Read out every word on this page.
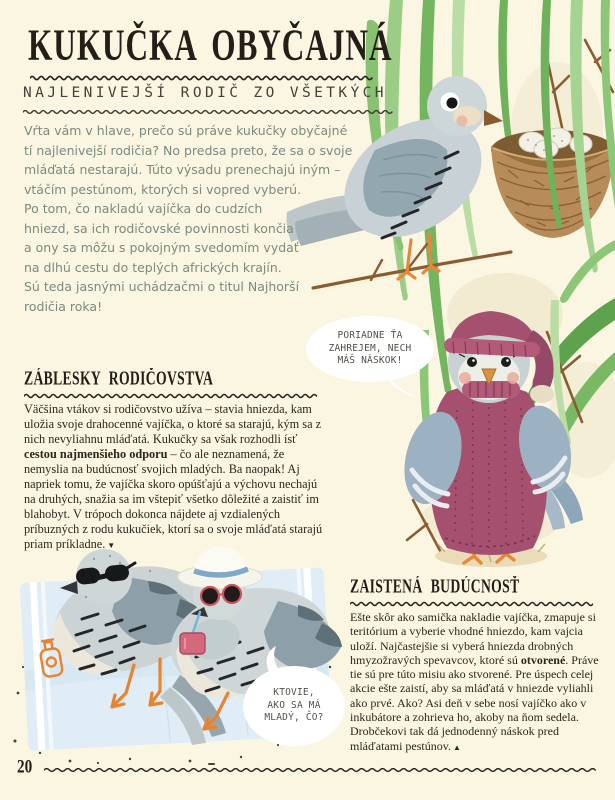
KUKUČKA OBYČAJNÁ
NAJLENIVEJŠÍ RODIČ ZO VŠETKÝCH
Vŕta vám v hlave, prečo sú práve kukučky obyčajné
tí najlenivejší rodičia? No predsa preto, že sa o svoje
mláďatá nestarajú. Túto výsadu prenechajú iným –
vtáčím pestúnom, ktorých si vopred vyberú.
Po tom, čo nakladú vajíčka do cudzích
hniezd, sa ich rodičovské povinnosti končia
a ony sa môžu s pokojným svedomím vydať
na dlhú cestu do teplých afrických krajín.
Sú teda jasnými uchádzačmi o titul Najhorší
rodičia roka!
ZÁBLESKY RODIČOVSTVA
Väčšina vtákov si rodičovstvo užíva – stavia hniezda, kam uložia svoje drahocenné vajíčka, o ktoré sa starajú, kým sa z nich nevyliahnu mláďatá. Kukučky sa však rozhodli ísť cestou najmenšieho odporu – čo ale neznamená, že nemyslia na budúcnosť svojich mladých. Ba naopak! Aj napriek tomu, že vajíčka skoro opúšťajú a výchovu nechajú na druhých, snažia sa im vštepiť všetko dôležité a zaistiť im blahobyt. V trópoch dokonca nájdete aj vzdialených príbuzných z rodu kukučiek, ktorí sa o svoje mláďatá starajú priam príkladne. ▼
ZAISTENÁ BUDÚCNOSŤ
Ešte skôr ako samička nakladie vajíčka, zmapuje si teritórium a vyberie vhodné hniezdo, kam vajcia uloží. Najčastejšie si vyberá hniezda drobných hmyzožravých spevavcov, ktoré sú otvorené. Práve tie sú pre túto misiu ako stvorené. Pre úspech celej akcie ešte zaistí, aby sa mláďatá v hniezde vyliahli ako prvé. Ako? Asi deň v sebe nosí vajíčko ako v inkubátore a zohrieva ho, akoby na ňom sedela. Drobčekovi tak dá jednodenný náskok pred mláďatami pestúnov. ▲
PORIADNE ŤA
ZAHREJEM, NECH
MÁŠ NÁSKOK!
KTOVIE,
AKO SA MÁ
MLADÝ, ČO?
20
